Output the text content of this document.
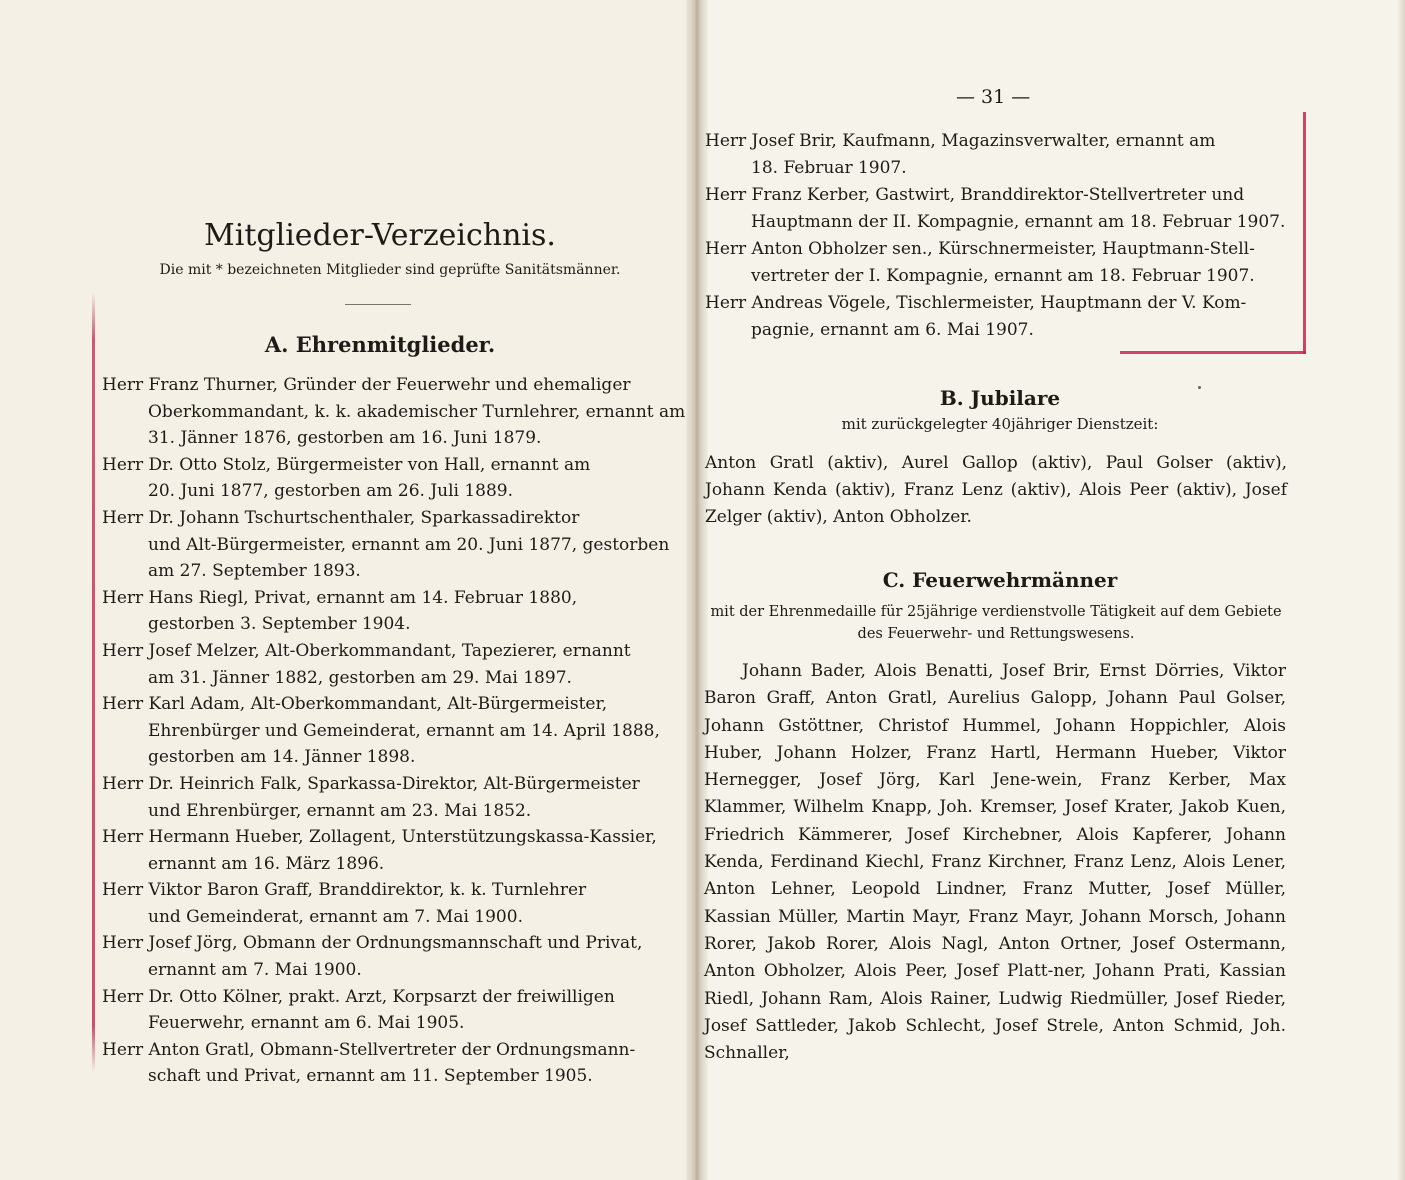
Mitglieder-Verzeichnis.
Die mit * bezeichneten Mitglieder sind geprüfte Sanitätsmänner.
A. Ehrenmitglieder.
Herr Franz Thurner, Gründer der Feuerwehr und ehemaliger
Oberkommandant, k. k. akademischer Turnlehrer, ernannt am
31. Jänner 1876, gestorben am 16. Juni 1879.
Herr Dr. Otto Stolz, Bürgermeister von Hall, ernannt am
20. Juni 1877, gestorben am 26. Juli 1889.
Herr Dr. Johann Tschurtschenthaler, Sparkassadirektor
und Alt-Bürgermeister, ernannt am 20. Juni 1877, gestorben
am 27. September 1893.
Herr Hans Riegl, Privat, ernannt am 14. Februar 1880,
gestorben 3. September 1904.
Herr Josef Melzer, Alt-Oberkommandant, Tapezierer, ernannt
am 31. Jänner 1882, gestorben am 29. Mai 1897.
Herr Karl Adam, Alt-Oberkommandant, Alt-Bürgermeister,
Ehrenbürger und Gemeinderat, ernannt am 14. April 1888,
gestorben am 14. Jänner 1898.
Herr Dr. Heinrich Falk, Sparkassa-Direktor, Alt-Bürgermeister
und Ehrenbürger, ernannt am 23. Mai 1852.
Herr Hermann Hueber, Zollagent, Unterstützungskassa-Kassier,
ernannt am 16. März 1896.
Herr Viktor Baron Graff, Branddirektor, k. k. Turnlehrer
und Gemeinderat, ernannt am 7. Mai 1900.
Herr Josef Jörg, Obmann der Ordnungsmannschaft und Privat,
ernannt am 7. Mai 1900.
Herr Dr. Otto Kölner, prakt. Arzt, Korpsarzt der freiwilligen
Feuerwehr, ernannt am 6. Mai 1905.
Herr Anton Gratl, Obmann-Stellvertreter der Ordnungsmann-
schaft und Privat, ernannt am 11. September 1905.
— 31 —
Herr Josef Brir, Kaufmann, Magazinsverwalter, ernannt am
18. Februar 1907.
Herr Franz Kerber, Gastwirt, Branddirektor-Stellvertreter und
Hauptmann der II. Kompagnie, ernannt am 18. Februar 1907.
Herr Anton Obholzer sen., Kürschnermeister, Hauptmann-Stell-
vertreter der I. Kompagnie, ernannt am 18. Februar 1907.
Herr Andreas Vögele, Tischlermeister, Hauptmann der V. Kom-
pagnie, ernannt am 6. Mai 1907.
B. Jubilare
mit zurückgelegter 40jähriger Dienstzeit:

Anton Gratl (aktiv), Aurel Gallop (aktiv), Paul Golser (aktiv), Johann Kenda (aktiv), Franz Lenz (aktiv), Alois Peer (aktiv), Josef Zelger (aktiv), Anton Obholzer.

C. Feuerwehrmänner

mit der Ehrenmedaille für 25jährige verdienstvolle Tätigkeit auf dem Gebiete
des Feuerwehr- und Rettungswesens.

Johann Bader, Alois Benatti, Josef Brir, Ernst Dörries, Viktor Baron Graff, Anton Gratl, Aurelius Galopp, Johann Paul Golser, Johann Gstöttner, Christof Hummel, Johann Hoppichler, Alois Huber, Johann Holzer, Franz Hartl, Hermann Hueber, Viktor Hernegger, Josef Jörg, Karl Jene-wein, Franz Kerber, Max Klammer, Wilhelm Knapp, Joh. Kremser, Josef Krater, Jakob Kuen, Friedrich Kämmerer, Josef Kirchebner, Alois Kapferer, Johann Kenda, Ferdinand Kiechl, Franz Kirchner, Franz Lenz, Alois Lener, Anton Lehner, Leopold Lindner, Franz Mutter, Josef Müller, Kassian Müller, Martin Mayr, Franz Mayr, Johann Morsch, Johann Rorer, Jakob Rorer, Alois Nagl, Anton Ortner, Josef Ostermann, Anton Obholzer, Alois Peer, Josef Platt-ner, Johann Prati, Kassian Riedl, Johann Ram, Alois Rainer, Ludwig Riedmüller, Josef Rieder, Josef Sattleder, Jakob Schlecht, Josef Strele, Anton Schmid, Joh. Schnaller,
